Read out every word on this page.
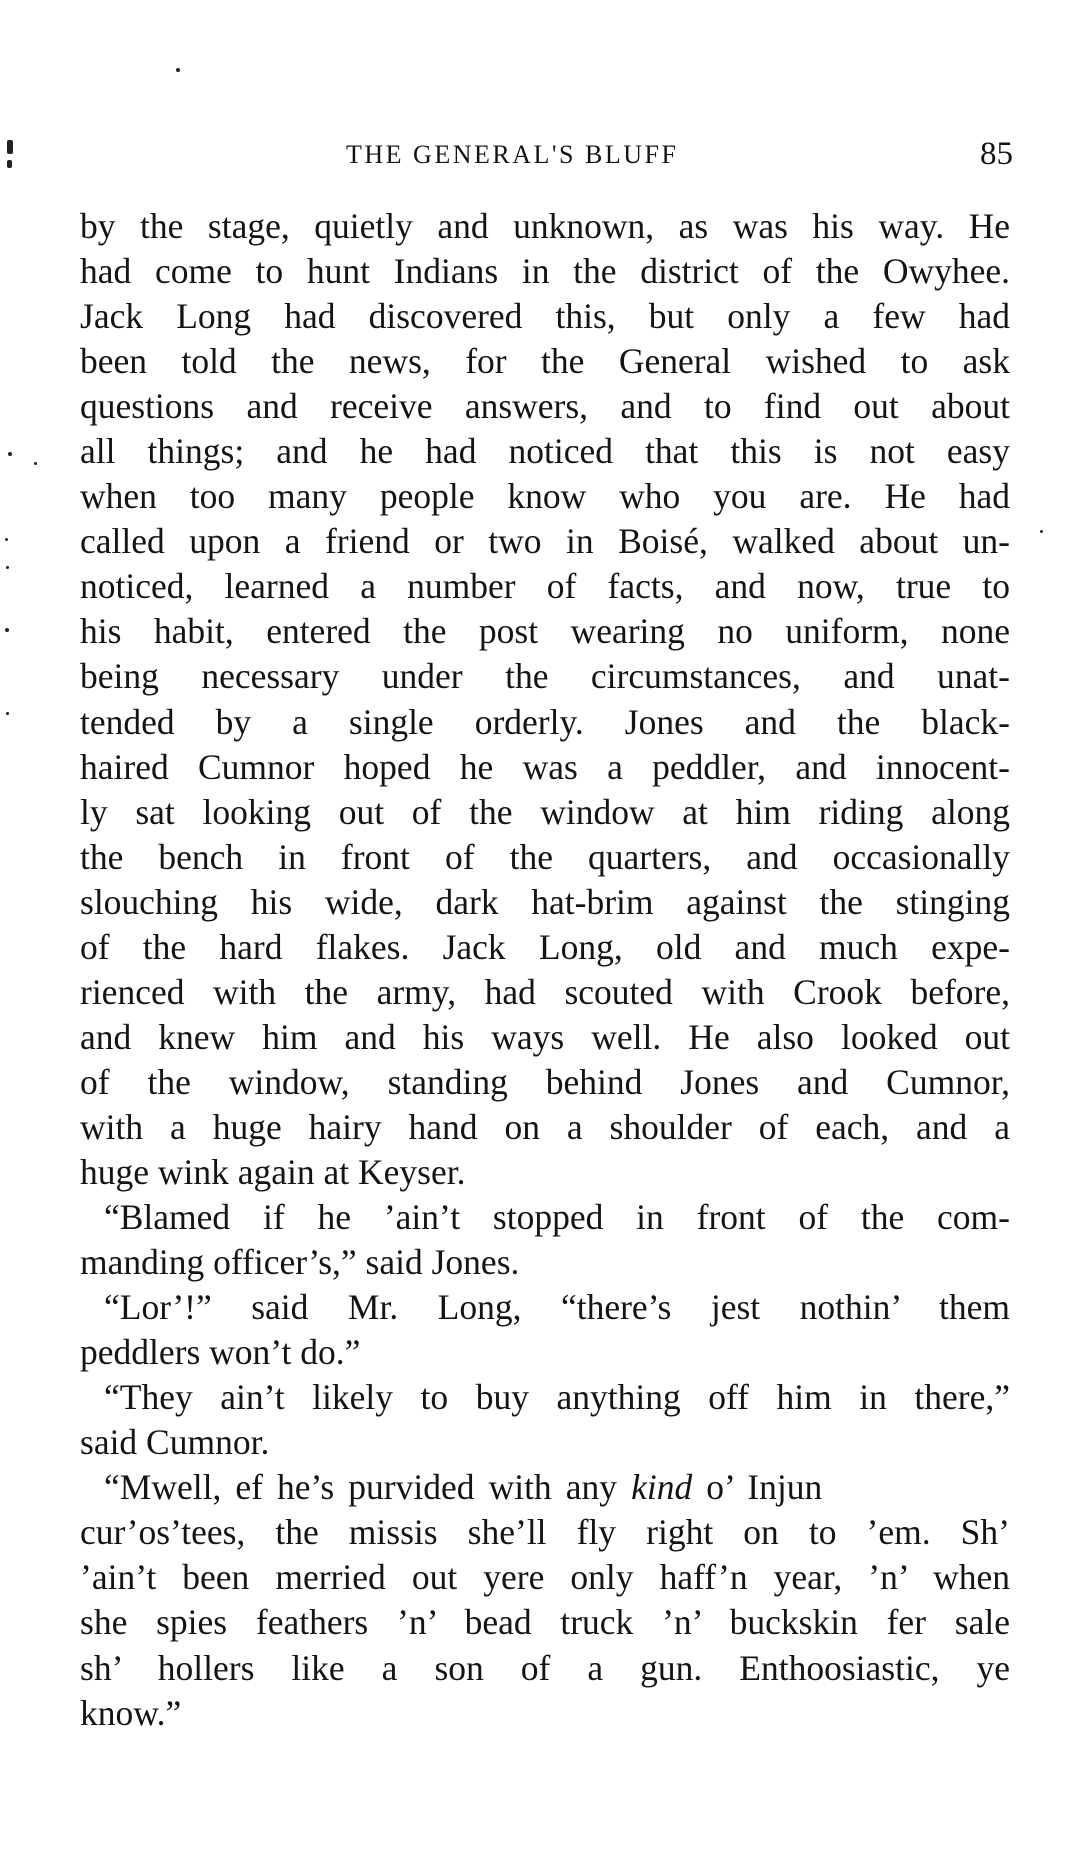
THE GENERAL'S BLUFF	85
by the stage, quietly and unknown, as was his way. He
had come to hunt Indians in the district of the Owyhee.
Jack Long had discovered this, but only a few had
been told the news, for the General wished to ask
questions and receive answers, and to find out about
all things; and he had noticed that this is not easy
when too many people know who you are. He had
called upon a friend or two in Boisé, walked about un-
noticed, learned a number of facts, and now, true to
his habit, entered the post wearing no uniform, none
being necessary under the circumstances, and unat-
tended by a single orderly. Jones and the black-
haired Cumnor hoped he was a peddler, and innocent-
ly sat looking out of the window at him riding along
the bench in front of the quarters, and occasionally
slouching his wide, dark hat-brim against the stinging
of the hard flakes. Jack Long, old and much expe-
rienced with the army, had scouted with Crook before,
and knew him and his ways well. He also looked out
of the window, standing behind Jones and Cumnor,
with a huge hairy hand on a shoulder of each, and a
huge wink again at Keyser.
“Blamed if he ’ain’t stopped in front of the com-
manding officer’s,” said Jones.
“Lor’!” said Mr. Long, “there’s jest nothin’ them
peddlers won’t do.”
“They ain’t likely to buy anything off him in there,”
said Cumnor.
“Mwell, ef he’s purvided with any kind o’ Injun
cur’os’tees, the missis she’ll fly right on to ’em. Sh’
’ain’t been merried out yere only haff’n year, ’n’ when
she spies feathers ’n’ bead truck ’n’ buckskin fer sale
sh’ hollers like a son of a gun. Enthoosiastic, ye
know.”
